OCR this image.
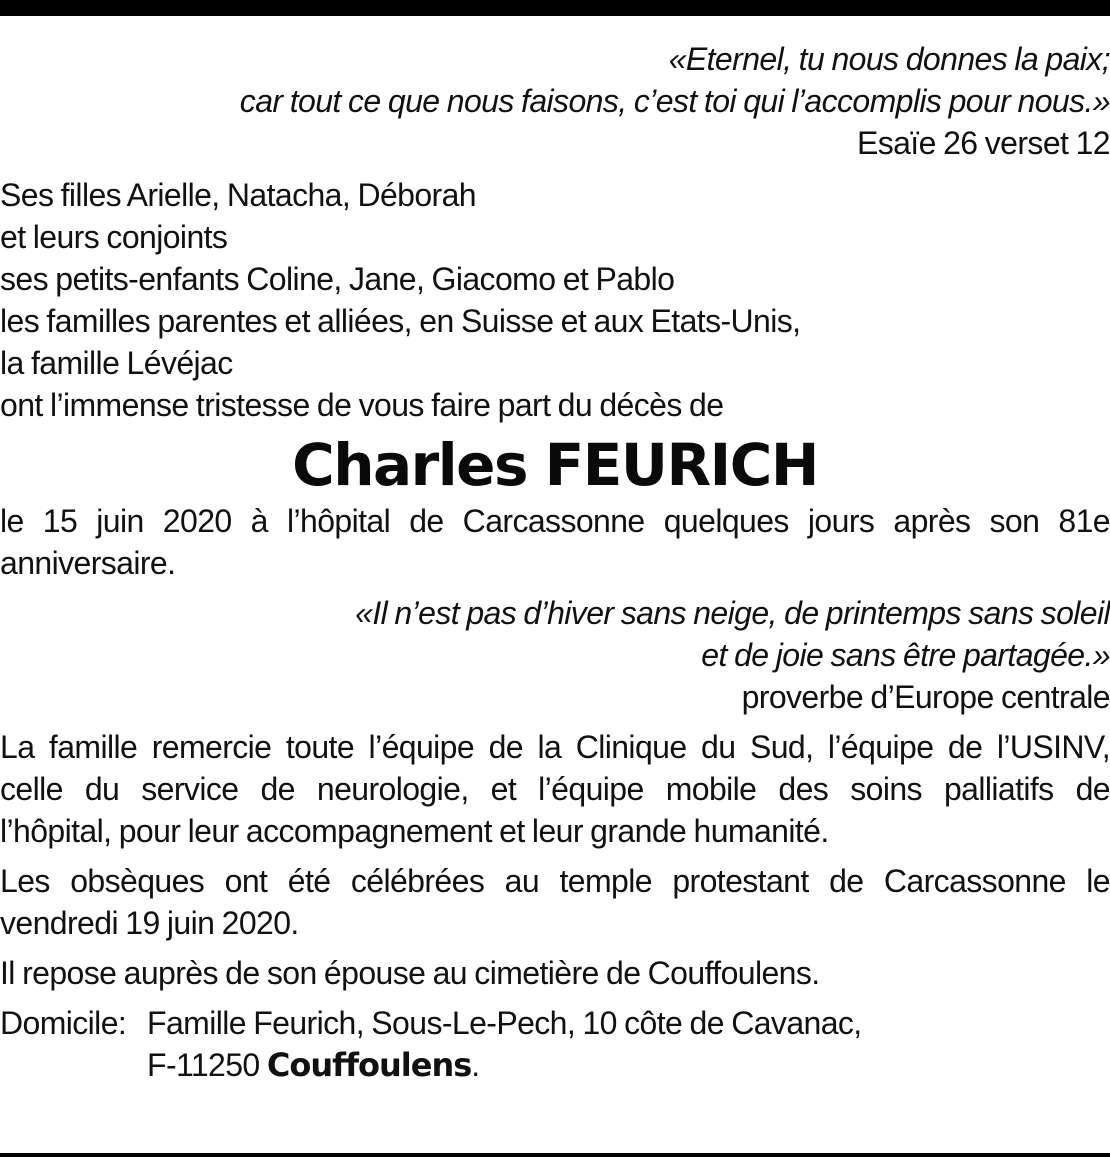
«Eternel, tu nous donnes la paix;
car tout ce que nous faisons, c’est toi qui l’accomplis pour nous.»
Esaïe 26 verset 12
Ses filles Arielle, Natacha, Déborah
et leurs conjoints
ses petits-enfants Coline, Jane, Giacomo et Pablo
les familles parentes et alliées, en Suisse et aux Etats-Unis,
la famille Lévéjac
ont l’immense tristesse de vous faire part du décès de
Charles FEURICH
le 15 juin 2020 à l’hôpital de Carcassonne quelques jours après son 81e
anniversaire.
«Il n’est pas d’hiver sans neige, de printemps sans soleil
et de joie sans être partagée.»
proverbe d’Europe centrale
La famille remercie toute l’équipe de la Clinique du Sud, l’équipe de l’USINV,
celle du service de neurologie, et l’équipe mobile des soins palliatifs de
l’hôpital, pour leur accompagnement et leur grande humanité.
Les obsèques ont été célébrées au temple protestant de Carcassonne le
vendredi 19 juin 2020.
Il repose auprès de son épouse au cimetière de Couffoulens.
Domicile: Famille Feurich, Sous-Le-Pech, 10 côte de Cavanac,
F-11250 Couffoulens.
